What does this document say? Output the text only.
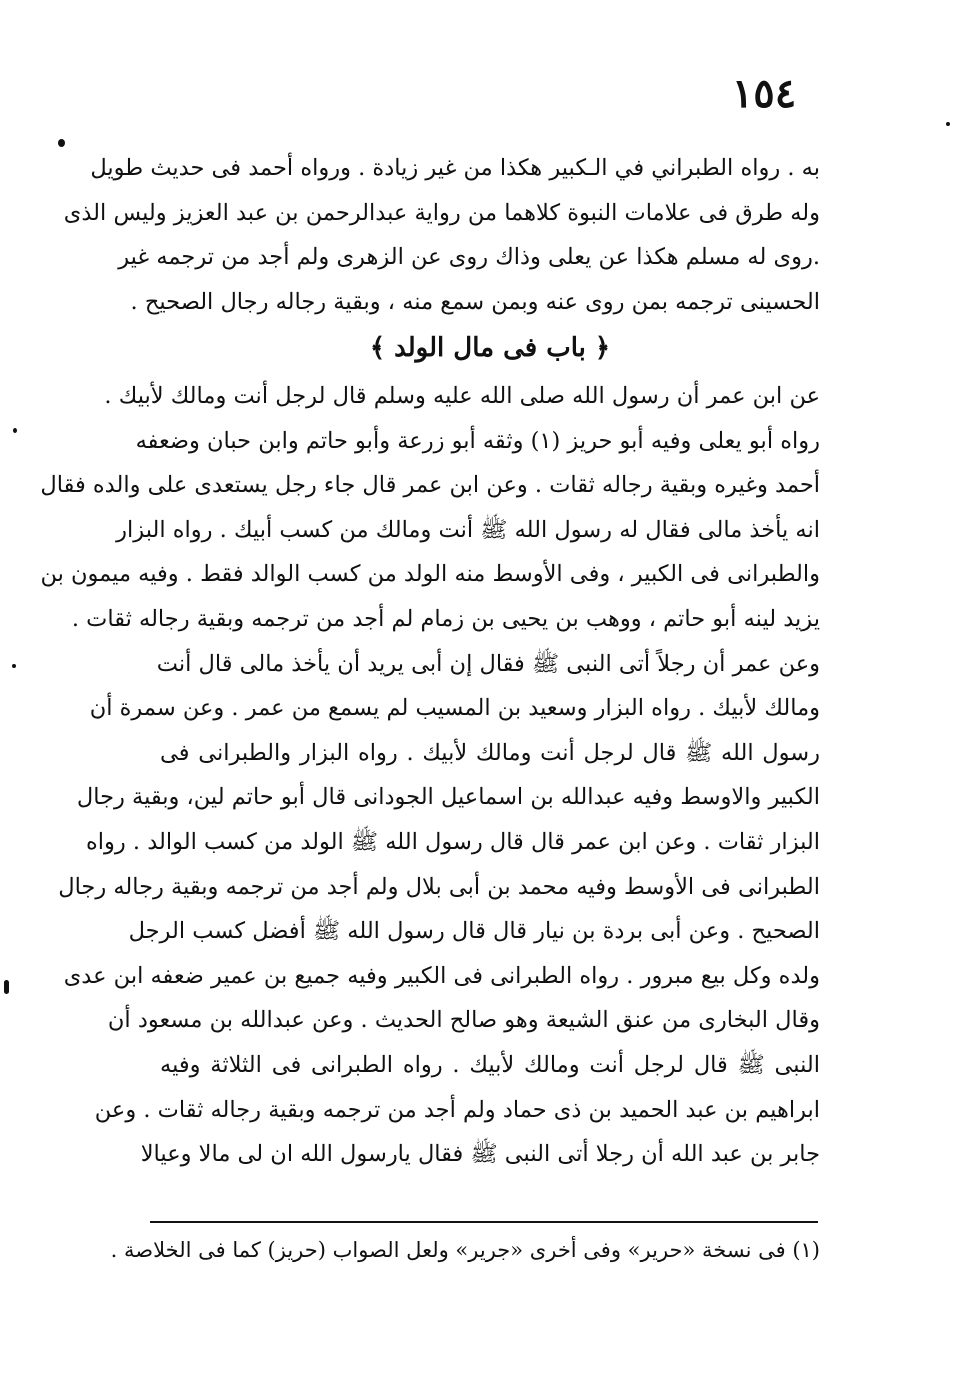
١٥٤
به . رواه الطبراني في الـكبير هكذا من غير زيادة . ورواه أحمد فى حديث طويل
وله طرق فى علامات النبوة كلاهما من رواية عبدالرحمن بن عبد العزيز وليس الذى
.روى له مسلم هكذا عن يعلى وذاك روى عن الزهرى ولم أجد من ترجمه غير
الحسينى ترجمه بمن روى عنه وبمن سمع منه ، وبقية رجاله رجال الصحيح .
﴿ باب فى مال الولد ﴾
عن ابن عمر أن رسول الله صلى الله عليه وسلم قال لرجل أنت ومالك لأبيك .
رواه أبو يعلى وفيه أبو حريز (١) وثقه أبو زرعة وأبو حاتم وابن حبان وضعفه
أحمد وغيره وبقية رجاله ثقات . وعن ابن عمر قال جاء رجل يستعدى على والده فقال
انه يأخذ مالى فقال له رسول الله ﷺ أنت ومالك من كسب أبيك . رواه البزار
والطبرانى فى الكبير ، وفى الأوسط منه الولد من كسب الوالد فقط . وفيه ميمون بن
يزيد لينه أبو حاتم ، ووهب بن يحيى بن زمام لم أجد من ترجمه وبقية رجاله ثقات .
وعن عمر أن رجلاً أتى النبى ﷺ فقال إن أبى يريد أن يأخذ مالى قال أنت
ومالك لأبيك . رواه البزار وسعيد بن المسيب لم يسمع من عمر . وعن سمرة أن
رسول الله ﷺ قال لرجل أنت ومالك لأبيك . رواه البزار والطبرانى فى
الكبير والاوسط وفيه عبدالله بن اسماعيل الجودانى قال أبو حاتم لين، وبقية رجال
البزار ثقات . وعن ابن عمر قال قال رسول الله ﷺ الولد من كسب الوالد . رواه
الطبرانى فى الأوسط وفيه محمد بن أبى بلال ولم أجد من ترجمه وبقية رجاله رجال
الصحيح . وعن أبى بردة بن نيار قال قال رسول الله ﷺ أفضل كسب الرجل
ولده وكل بيع مبرور . رواه الطبرانى فى الكبير وفيه جميع بن عمير ضعفه ابن عدى
وقال البخارى من عنق الشيعة وهو صالح الحديث . وعن عبدالله بن مسعود أن
النبى ﷺ قال لرجل أنت ومالك لأبيك . رواه الطبرانى فى الثلاثة وفيه
ابراهيم بن عبد الحميد بن ذى حماد ولم أجد من ترجمه وبقية رجاله ثقات . وعن
جابر بن عبد الله أن رجلا أتى النبى ﷺ فقال يارسول الله ان لى مالا وعيالا
(١) فى نسخة «حرير» وفى أخرى «جرير» ولعل الصواب (حريز) كما فى الخلاصة .
